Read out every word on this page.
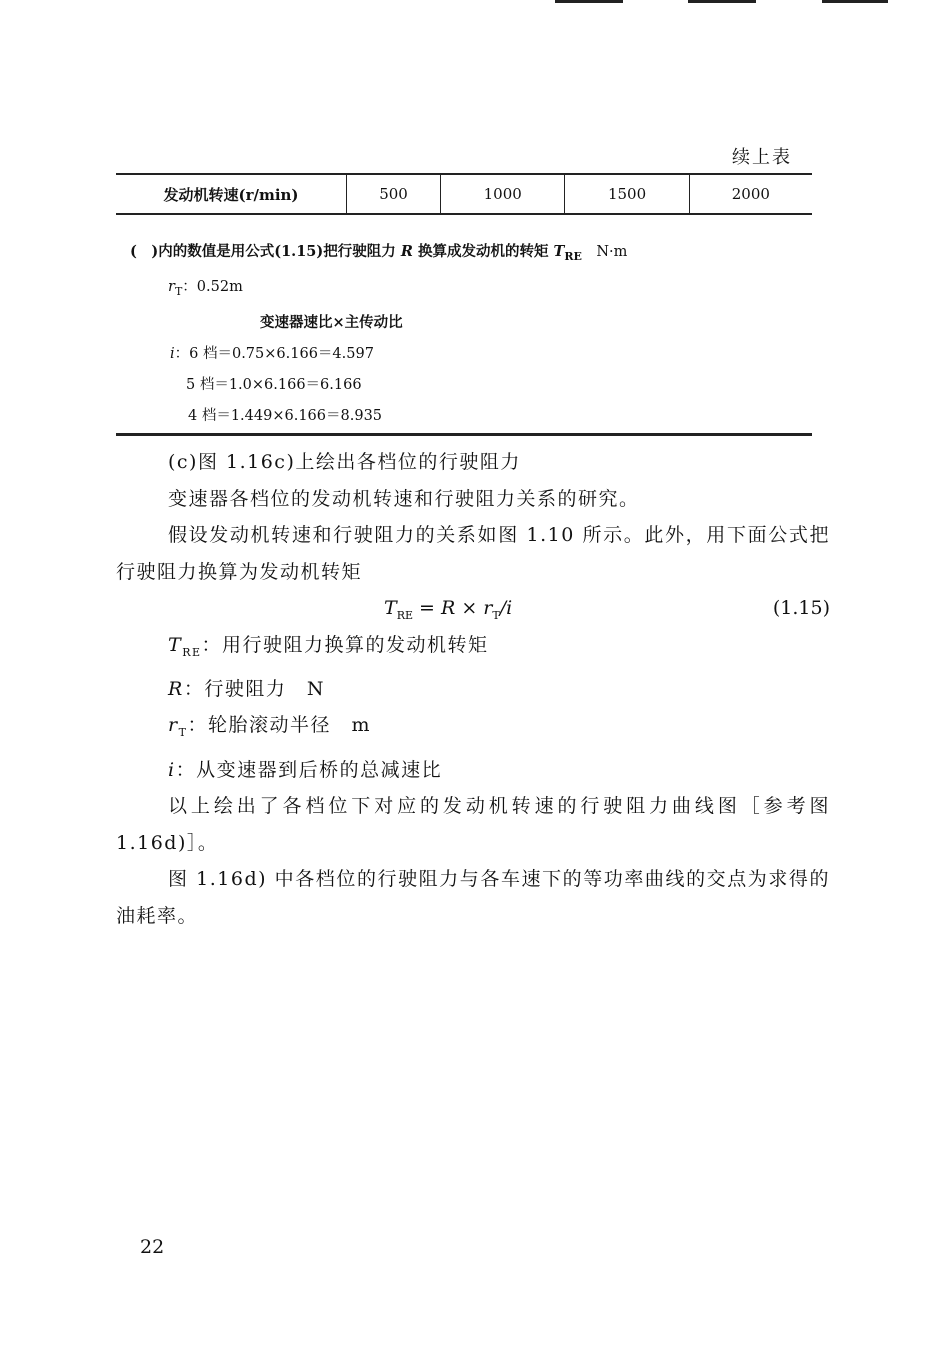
续上表
发动机转速(r/min)	500	1000	1500	2000
(　)内的数值是用公式(1.15)把行驶阻力 R 换算成发动机的转矩 $T_{RE}$　 N·m
$r_T$：0.52m
变速器速比×主传动比
i：6 档＝0.75×6.166＝4.597
5 档＝1.0×6.166＝6.166
4 档＝1.449×6.166＝8.935

(c)图 1.16c)上绘出各档位的行驶阻力

变速器各档位的发动机转速和行驶阻力关系的研究。

假设发动机转速和行驶阻力的关系如图 1.10 所示。此外，用下面公式把行驶阻力换算为发动机转矩

$T_{RE} = R \times r_T/i$	(1.15)

$T_{RE}$：用行驶阻力换算的发动机转矩

R：行驶阻力　N

$r_T$：轮胎滚动半径　m

i：从变速器到后桥的总减速比

以上绘出了各档位下对应的发动机转速的行驶阻力曲线图［参考图 1.16d)］。

图 1.16d) 中各档位的行驶阻力与各车速下的等功率曲线的交点为求得的油耗率。

22
